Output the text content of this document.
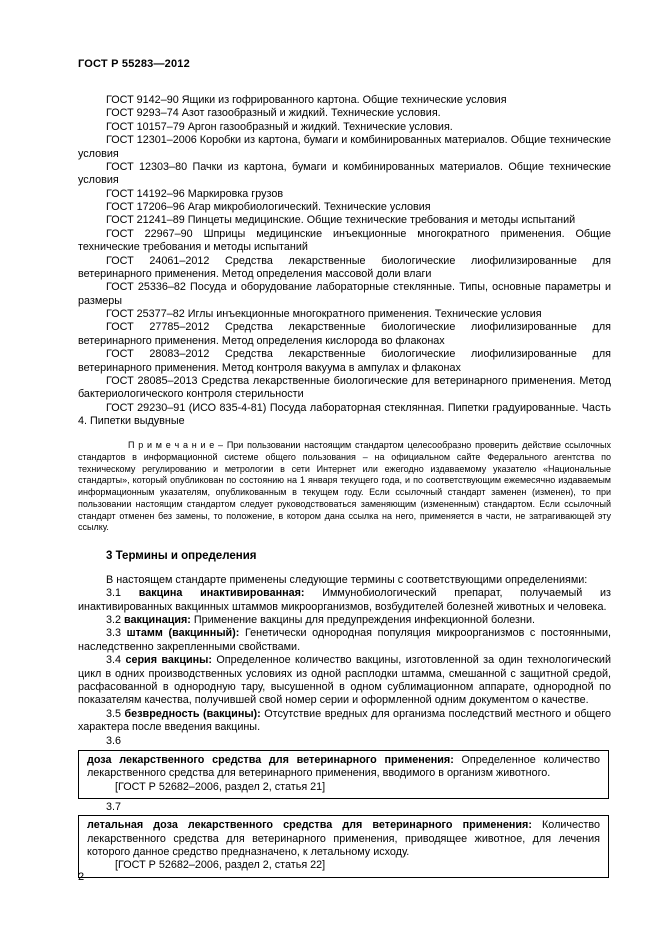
ГОСТ Р 55283—2012

ГОСТ 9142–90 Ящики из гофрированного картона. Общие технические условия

ГОСТ 9293–74 Азот газообразный и жидкий. Технические условия.

ГОСТ 10157–79 Аргон газообразный и жидкий. Технические условия.

ГОСТ 12301–2006 Коробки из картона, бумаги и комбинированных материалов. Общие технические условия

ГОСТ 12303–80 Пачки из картона, бумаги и комбинированных материалов. Общие технические условия

ГОСТ 14192–96 Маркировка грузов

ГОСТ 17206–96 Агар микробиологический. Технические условия

ГОСТ 21241–89 Пинцеты медицинские. Общие технические требования и методы испытаний

ГОСТ 22967–90 Шприцы медицинские инъекционные многократного применения. Общие технические требования и методы испытаний

ГОСТ 24061–2012 Средства лекарственные биологические лиофилизированные для ветеринарного применения. Метод определения массовой доли влаги

ГОСТ 25336–82 Посуда и оборудование лабораторные стеклянные. Типы, основные параметры и размеры

ГОСТ 25377–82 Иглы инъекционные многократного применения. Технические условия

ГОСТ 27785–2012 Средства лекарственные биологические лиофилизированные для ветеринарного применения. Метод определения кислорода во флаконах

ГОСТ 28083–2012 Средства лекарственные биологические лиофилизированные для ветеринарного применения. Метод контроля вакуума в ампулах и флаконах

ГОСТ 28085–2013 Средства лекарственные биологические для ветеринарного применения. Метод бактериологического контроля стерильности

ГОСТ 29230–91 (ИСО 835-4-81) Посуда лабораторная стеклянная. Пипетки градуированные. Часть 4. Пипетки выдувные

П р и м е ч а н и е – При пользовании настоящим стандартом целесообразно проверить действие ссылочных стандартов в информационной системе общего пользования – на официальном сайте Федерального агентства по техническому регулированию и метрологии в сети Интернет или ежегодно издаваемому указателю «Национальные стандарты», который опубликован по состоянию на 1 января текущего года, и по соответствующим ежемесячно издаваемым информационным указателям, опубликованным в текущем году. Если ссылочный стандарт заменен (изменен), то при пользовании настоящим стандартом следует руководствоваться заменяющим (измененным) стандартом. Если ссылочный стандарт отменен без замены, то положение, в котором дана ссылка на него, применяется в части, не затрагивающей эту ссылку.

3 Термины и определения

В настоящем стандарте применены следующие термины с соответствующими определениями:

3.1 вакцина инактивированная: Иммунобиологический препарат, получаемый из инактивированных вакцинных штаммов микроорганизмов, возбудителей болезней животных и человека.

3.2 вакцинация: Применение вакцины для предупреждения инфекционной болезни.

3.3 штамм (вакцинный): Генетически однородная популяция микроорганизмов с постоянными, наследственно закрепленными свойствами.

3.4 серия вакцины: Определенное количество вакцины, изготовленной за один технологический цикл в одних производственных условиях из одной расплодки штамма, смешанной с защитной средой, расфасованной в однородную тару, высушенной в одном сублимационном аппарате, однородной по показателям качества, получившей свой номер серии и оформленной одним документом о качестве.

3.5 безвредность (вакцины): Отсутствие вредных для организма последствий местного и общего характера после введения вакцины.

3.6

доза лекарственного средства для ветеринарного применения: Определенное количество лекарственного средства для ветеринарного применения, вводимого в организм животного.

[ГОСТ Р 52682–2006, раздел 2, статья 21]

3.7

летальная доза лекарственного средства для ветеринарного применения: Количество лекарственного средства для ветеринарного применения, приводящее животное, для лечения которого данное средство предназначено, к летальному исходу.

[ГОСТ Р 52682–2006, раздел 2, статья 22]

2
